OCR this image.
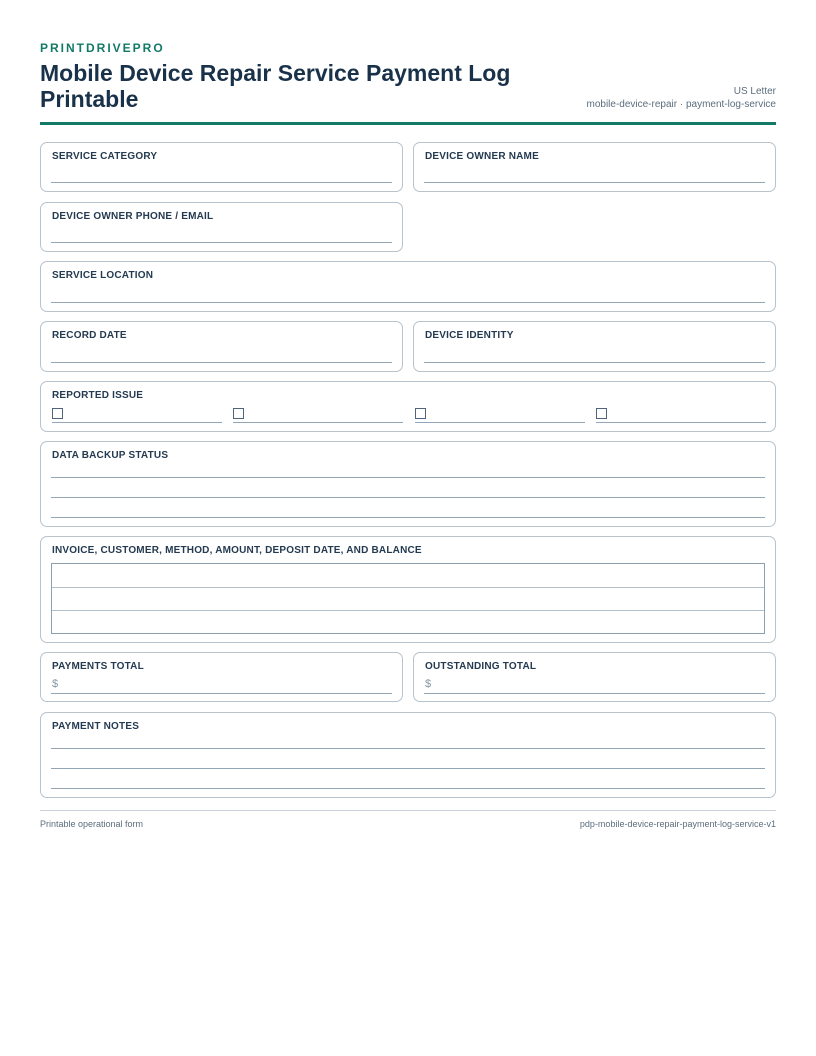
PRINTDRIVEPRO
Mobile Device Repair Service Payment Log Printable	US Letter
mobile-device-repair · payment-log-service
SERVICE CATEGORY	DEVICE OWNER NAME
DEVICE OWNER PHONE / EMAIL
SERVICE LOCATION
RECORD DATE	DEVICE IDENTITY
REPORTED ISSUE
DATA BACKUP STATUS
INVOICE, CUSTOMER, METHOD, AMOUNT, DEPOSIT DATE, AND BALANCE
PAYMENTS TOTAL
$
OUTSTANDING TOTAL
$
PAYMENT NOTES
Printable operational form	pdp-mobile-device-repair-payment-log-service-v1
